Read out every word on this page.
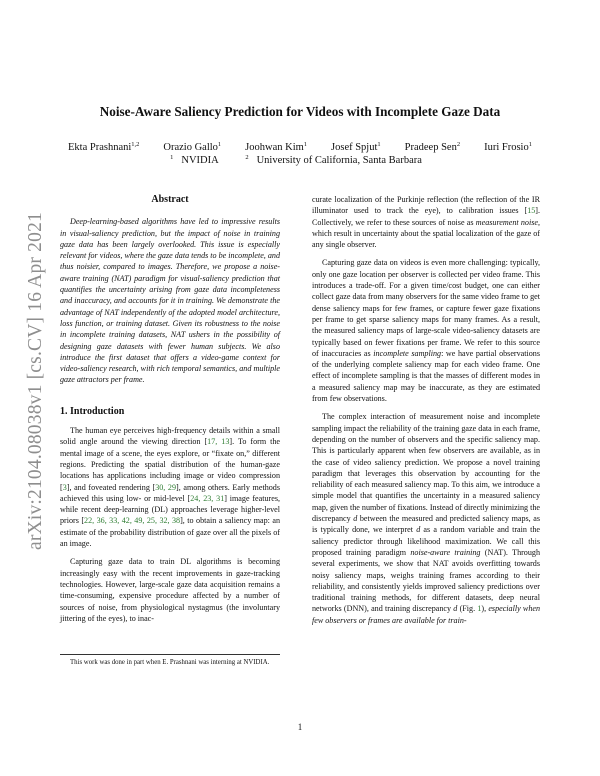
arXiv:2104.08038v1 [cs.CV] 16 Apr 2021
Noise-Aware Saliency Prediction for Videos with Incomplete Gaze Data
Ekta Prashnani$^{1,2}$ Orazio Gallo$^1$ Joohwan Kim$^1$ Josef Spjut$^1$ Pradeep Sen$^2$ Iuri Frosio$^1$
$^1$ NVIDIA	$^2$ University of California, Santa Barbara
Abstract

Deep-learning-based algorithms have led to impressive results in visual-saliency prediction, but the impact of noise in training gaze data has been largely overlooked. This issue is especially relevant for videos, where the gaze data tends to be incomplete, and thus noisier, compared to images. Therefore, we propose a noise-aware training (NAT) paradigm for visual-saliency prediction that quantifies the uncertainty arising from gaze data incompleteness and inaccuracy, and accounts for it in training. We demonstrate the advantage of NAT independently of the adopted model architecture, loss function, or training dataset. Given its robustness to the noise in incomplete training datasets, NAT ushers in the possibility of designing gaze datasets with fewer human subjects. We also introduce the first dataset that offers a video-game context for video-saliency research, with rich temporal semantics, and multiple gaze attractors per frame.

1. Introduction

The human eye perceives high-frequency details within a small solid angle around the viewing direction [17, 13]. To form the mental image of a scene, the eyes explore, or “fixate on,” different regions. Predicting the spatial distribution of the human-gaze locations has applications including image or video compression [3], and foveated rendering [30, 29], among others. Early methods achieved this using low- or mid-level [24, 23, 31] image features, while recent deep-learning (DL) approaches leverage higher-level priors [22, 36, 33, 42, 49, 25, 32, 38], to obtain a saliency map: an estimate of the probability distribution of gaze over all the pixels of an image.

Capturing gaze data to train DL algorithms is becoming increasingly easy with the recent improvements in gaze-tracking technologies. However, large-scale gaze data acquisition remains a time-consuming, expensive procedure affected by a number of sources of noise, from physiological nystagmus (the involuntary jittering of the eyes), to inac-

This work was done in part when E. Prashnani was interning at NVIDIA.

curate localization of the Purkinje reflection (the reflection of the IR illuminator used to track the eye), to calibration issues [15]. Collectively, we refer to these sources of noise as measurement noise, which result in uncertainty about the spatial localization of the gaze of any single observer.

Capturing gaze data on videos is even more challenging: typically, only one gaze location per observer is collected per video frame. This introduces a trade-off. For a given time/cost budget, one can either collect gaze data from many observers for the same video frame to get dense saliency maps for few frames, or capture fewer gaze fixations per frame to get sparse saliency maps for many frames. As a result, the measured saliency maps of large-scale video-saliency datasets are typically based on fewer fixations per frame. We refer to this source of inaccuracies as incomplete sampling: we have partial observations of the underlying complete saliency map for each video frame. One effect of incomplete sampling is that the masses of different modes in a measured saliency map may be inaccurate, as they are estimated from few observations.

The complex interaction of measurement noise and incomplete sampling impact the reliability of the training gaze data in each frame, depending on the number of observers and the specific saliency map. This is particularly apparent when few observers are available, as in the case of video saliency prediction. We propose a novel training paradigm that leverages this observation by accounting for the reliability of each measured saliency map. To this aim, we introduce a simple model that quantifies the uncertainty in a measured saliency map, given the number of fixations. Instead of directly minimizing the discrepancy d between the measured and predicted saliency maps, as is typically done, we interpret d as a random variable and train the saliency predictor through likelihood maximization. We call this proposed training paradigm noise-aware training (NAT). Through several experiments, we show that NAT avoids overfitting towards noisy saliency maps, weighs training frames according to their reliability, and consistently yields improved saliency predictions over traditional training methods, for different datasets, deep neural networks (DNN), and training discrepancy d (Fig. 1), especially when few observers or frames are available for train-

1
